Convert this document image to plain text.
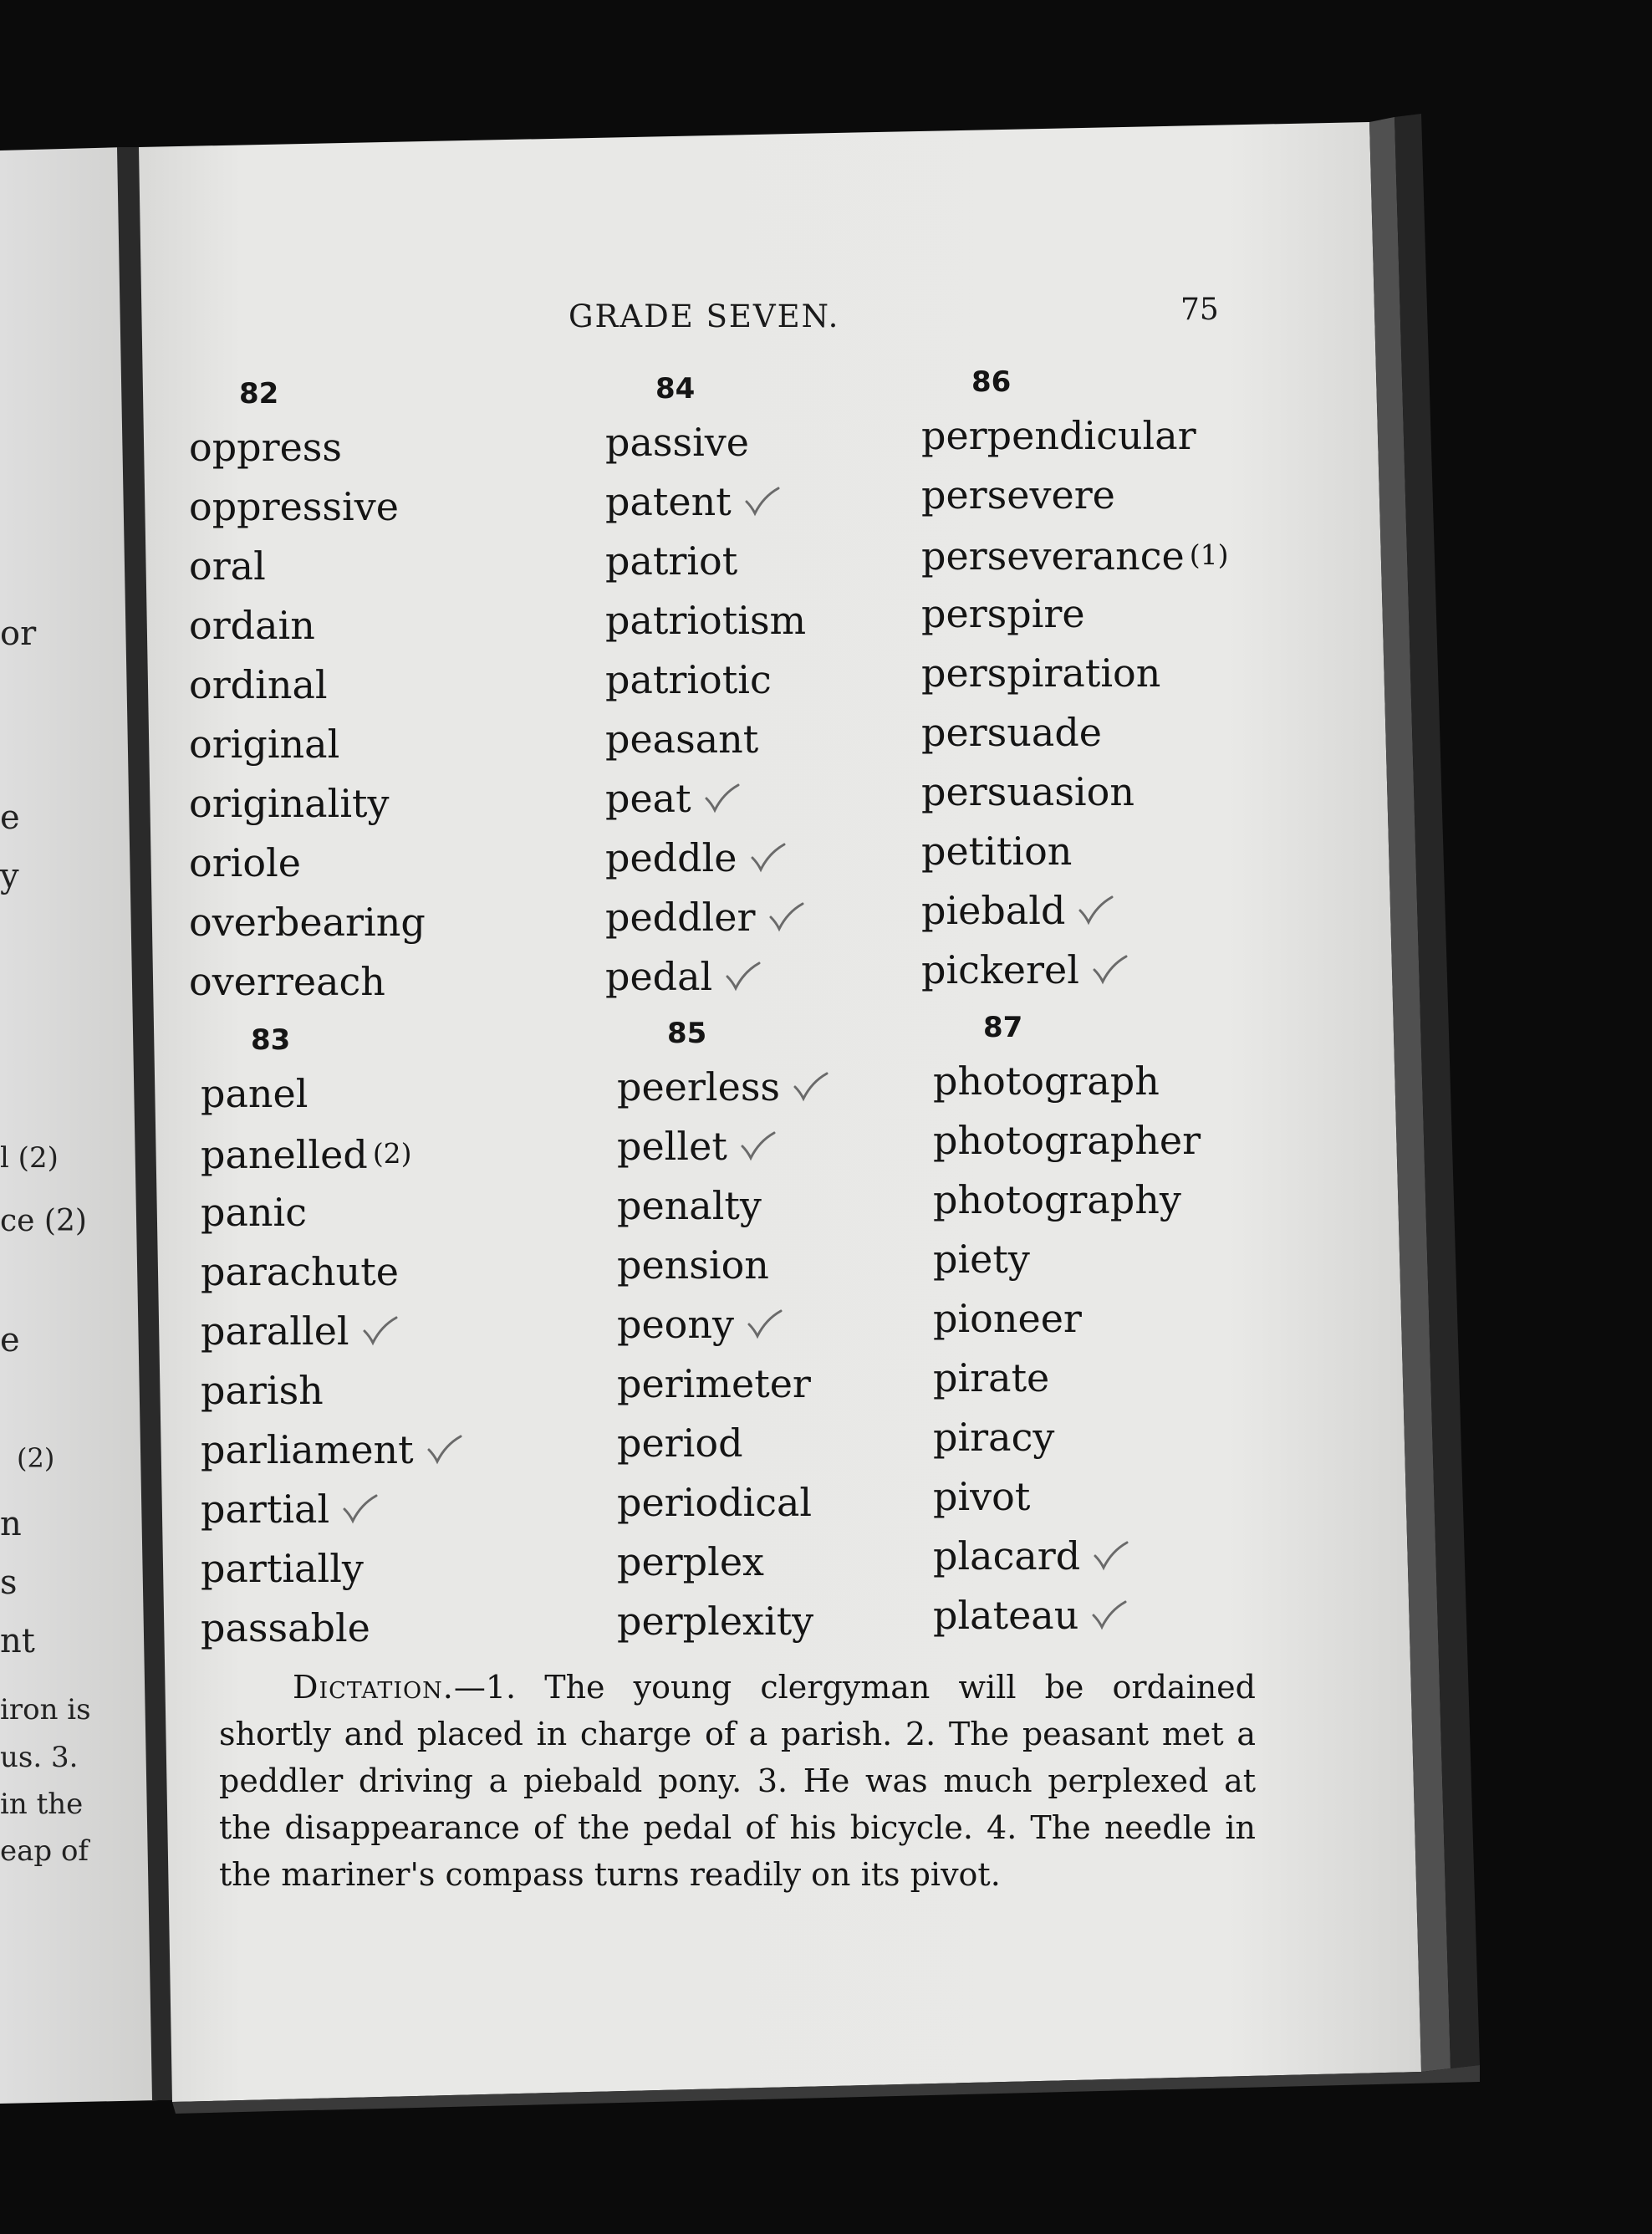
or
e
y
l (2)
ce (2)
e
(2)
n
s
nt
iron is
us. 3.
in the
eap of
GRADE SEVEN.	75
82
oppress
oppressive
oral
ordain
ordinal
original
originality
oriole
overbearing
overreach
83
panel
panelled (2)
panic
parachute
parallel
parish
parliament
partial
partially
passable
84
passive
patent
patriot
patriotism
patriotic
peasant
peat
peddle
peddler
pedal
85
peerless
pellet
penalty
pension
peony
perimeter
period
periodical
perplex
perplexity
86
perpendicular
persevere
perseverance (1)
perspire
perspiration
persuade
persuasion
petition
piebald
pickerel
87
photograph
photographer
photography
piety
pioneer
pirate
piracy
pivot
placard
plateau
Dictation.—1. The young clergyman will be ordained shortly and placed in charge of a parish. 2. The peasant met a peddler driving a piebald pony. 3. He was much perplexed at the disappearance of the pedal of his bicycle. 4. The needle in the mariner's compass turns readily on its pivot.
